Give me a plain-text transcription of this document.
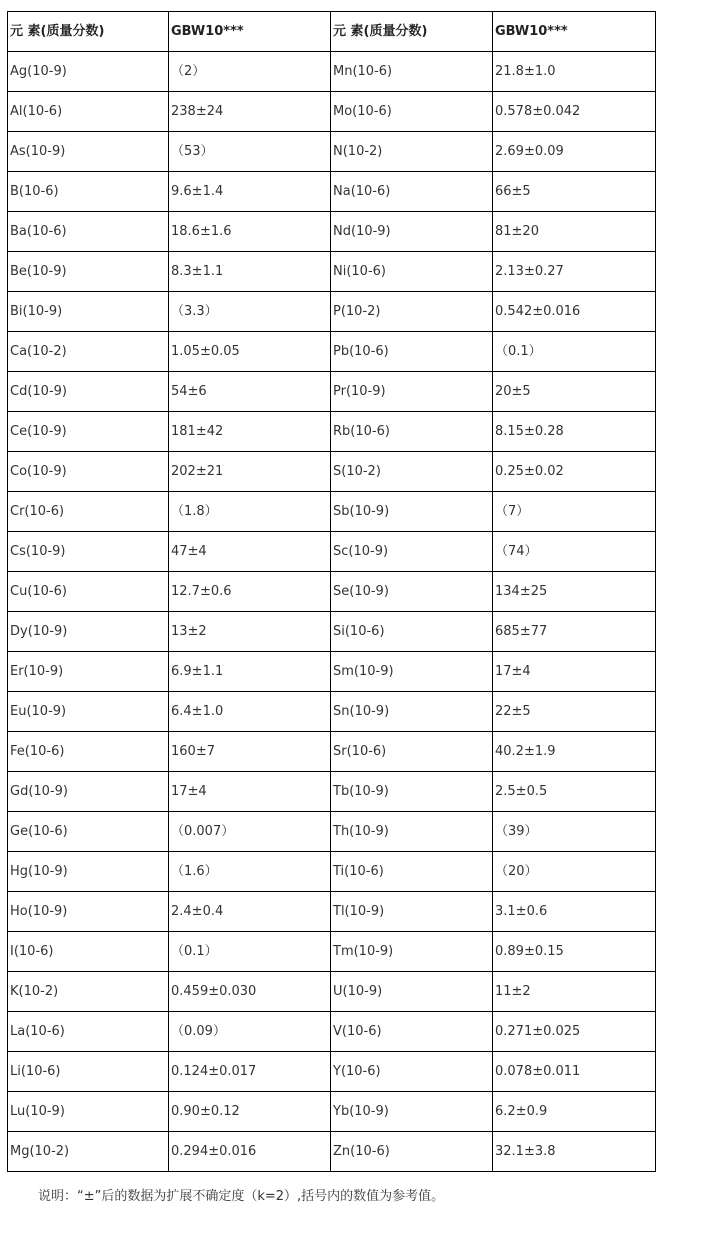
元 素(质量分数)	GBW10***	元 素(质量分数)	GBW10***
Ag(10-9)	（2）	Mn(10-6)	21.8±1.0
Al(10-6)	238±24	Mo(10-6)	0.578±0.042
As(10-9)	（53）	N(10-2)	2.69±0.09
B(10-6)	9.6±1.4	Na(10-6)	66±5
Ba(10-6)	18.6±1.6	Nd(10-9)	81±20
Be(10-9)	8.3±1.1	Ni(10-6)	2.13±0.27
Bi(10-9)	（3.3）	P(10-2)	0.542±0.016
Ca(10-2)	1.05±0.05	Pb(10-6)	（0.1）
Cd(10-9)	54±6	Pr(10-9)	20±5
Ce(10-9)	181±42	Rb(10-6)	8.15±0.28
Co(10-9)	202±21	S(10-2)	0.25±0.02
Cr(10-6)	（1.8）	Sb(10-9)	（7）
Cs(10-9)	47±4	Sc(10-9)	（74）
Cu(10-6)	12.7±0.6	Se(10-9)	134±25
Dy(10-9)	13±2	Si(10-6)	685±77
Er(10-9)	6.9±1.1	Sm(10-9)	17±4
Eu(10-9)	6.4±1.0	Sn(10-9)	22±5
Fe(10-6)	160±7	Sr(10-6)	40.2±1.9
Gd(10-9)	17±4	Tb(10-9)	2.5±0.5
Ge(10-6)	（0.007）	Th(10-9)	（39）
Hg(10-9)	（1.6）	Ti(10-6)	（20）
Ho(10-9)	2.4±0.4	Tl(10-9)	3.1±0.6
I(10-6)	（0.1）	Tm(10-9)	0.89±0.15
K(10-2)	0.459±0.030	U(10-9)	11±2
La(10-6)	（0.09）	V(10-6)	0.271±0.025
Li(10-6)	0.124±0.017	Y(10-6)	0.078±0.011
Lu(10-9)	0.90±0.12	Yb(10-9)	6.2±0.9
Mg(10-2)	0.294±0.016	Zn(10-6)	32.1±3.8
说明：“±”后的数据为扩展不确定度（k=2）,括号内的数值为参考值。
